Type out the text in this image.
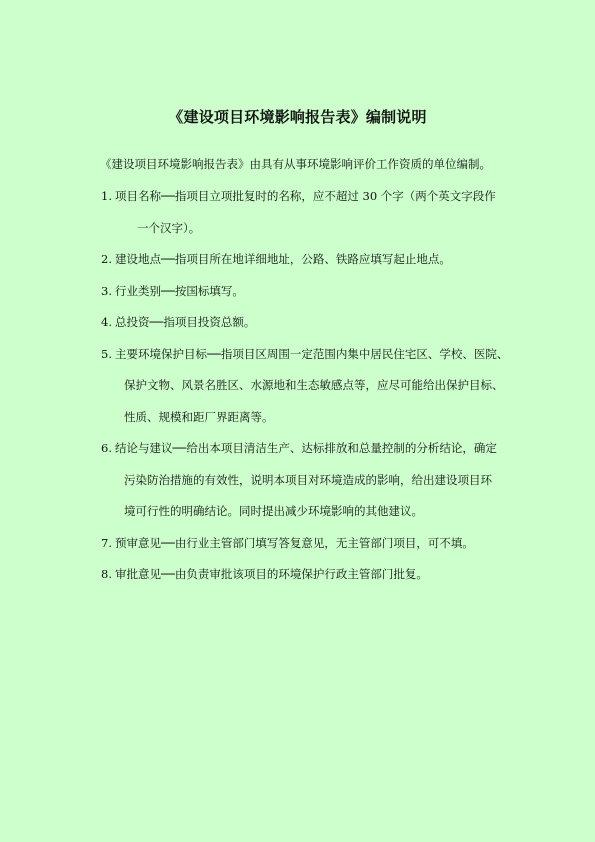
《建设项目环境影响报告表》编制说明

《建设项目环境影响报告表》由具有从事环境影响评价工作资质的单位编制。

1. 项目名称──指项目立项批复时的名称，应不超过 30 个字（两个英文字段作
一个汉字）。
2. 建设地点──指项目所在地详细地址，公路、铁路应填写起止地点。
3. 行业类别──按国标填写。
4. 总投资──指项目投资总额。
5. 主要环境保护目标──指项目区周围一定范围内集中居民住宅区、学校、医院、
保护文物、风景名胜区、水源地和生态敏感点等，应尽可能给出保护目标、
性质、规模和距厂界距离等。
6. 结论与建议──给出本项目清洁生产、达标排放和总量控制的分析结论，确定
污染防治措施的有效性，说明本项目对环境造成的影响，给出建设项目环
境可行性的明确结论。同时提出减少环境影响的其他建议。
7. 预审意见──由行业主管部门填写答复意见，无主管部门项目，可不填。
8. 审批意见──由负责审批该项目的环境保护行政主管部门批复。
